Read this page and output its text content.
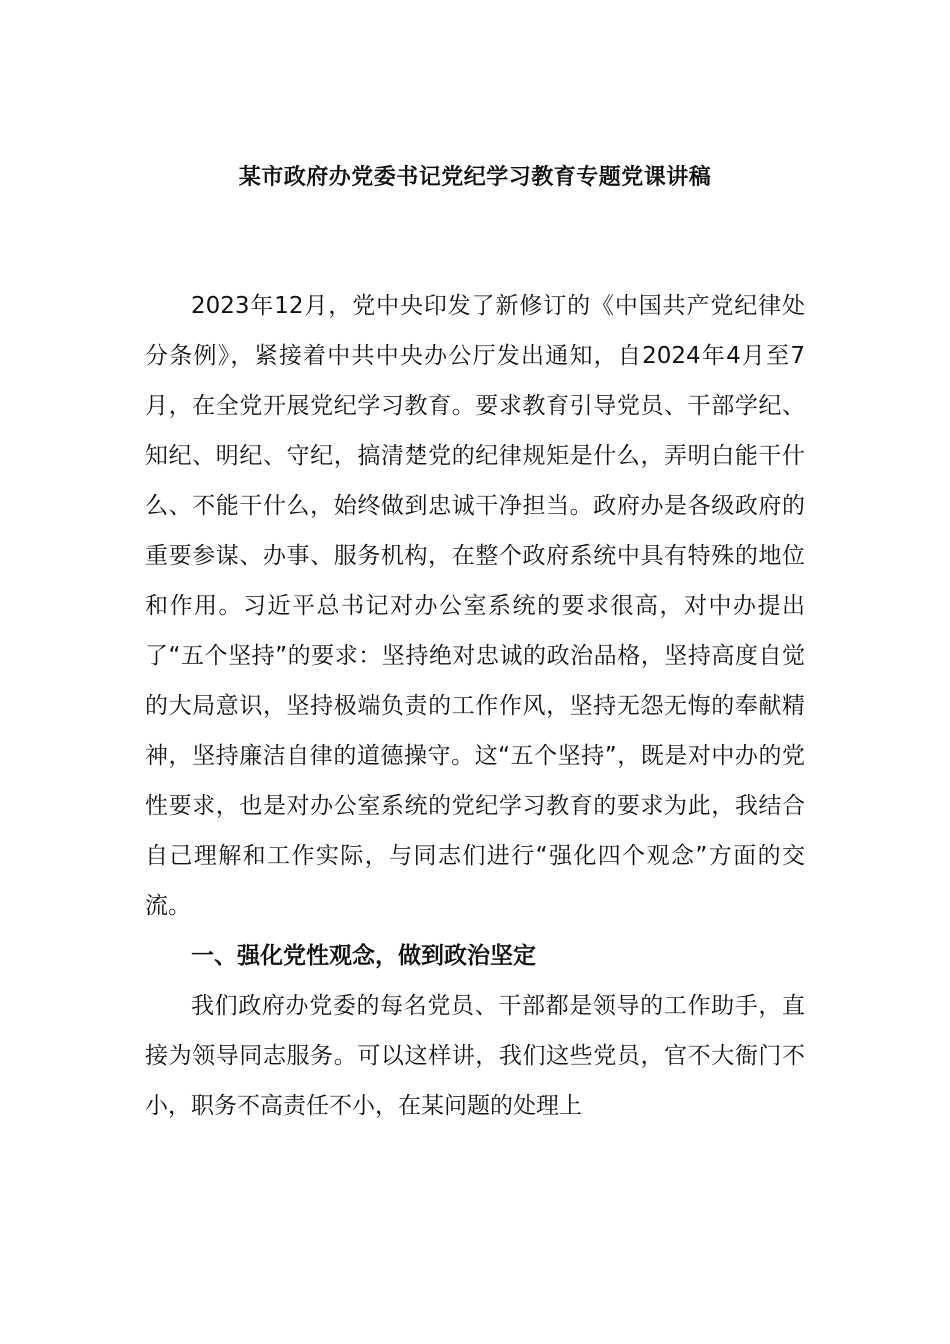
某市政府办党委书记党纪学习教育专题党课讲稿

2023年12月，党中央印发了新修订的《中国共产党纪律处分条例》，紧接着中共中央办公厅发出通知，自2024年4月至7月，在全党开展党纪学习教育。要求教育引导党员、干部学纪、知纪、明纪、守纪，搞清楚党的纪律规矩是什么，弄明白能干什么、不能干什么，始终做到忠诚干净担当。政府办是各级政府的重要参谋、办事、服务机构，在整个政府系统中具有特殊的地位和作用。习近平总书记对办公室系统的要求很高，对中办提出了“五个坚持”的要求：坚持绝对忠诚的政治品格，坚持高度自觉的大局意识，坚持极端负责的工作作风，坚持无怨无悔的奉献精神，坚持廉洁自律的道德操守。这“五个坚持”，既是对中办的党性要求，也是对办公室系统的党纪学习教育的要求为此，我结合自己理解和工作实际，与同志们进行“强化四个观念”方面的交流。

一、强化党性观念，做到政治坚定

我们政府办党委的每名党员、干部都是领导的工作助手，直接为领导同志服务。可以这样讲，我们这些党员，官不大衙门不小，职务不高责任不小，在某问题的处理上
